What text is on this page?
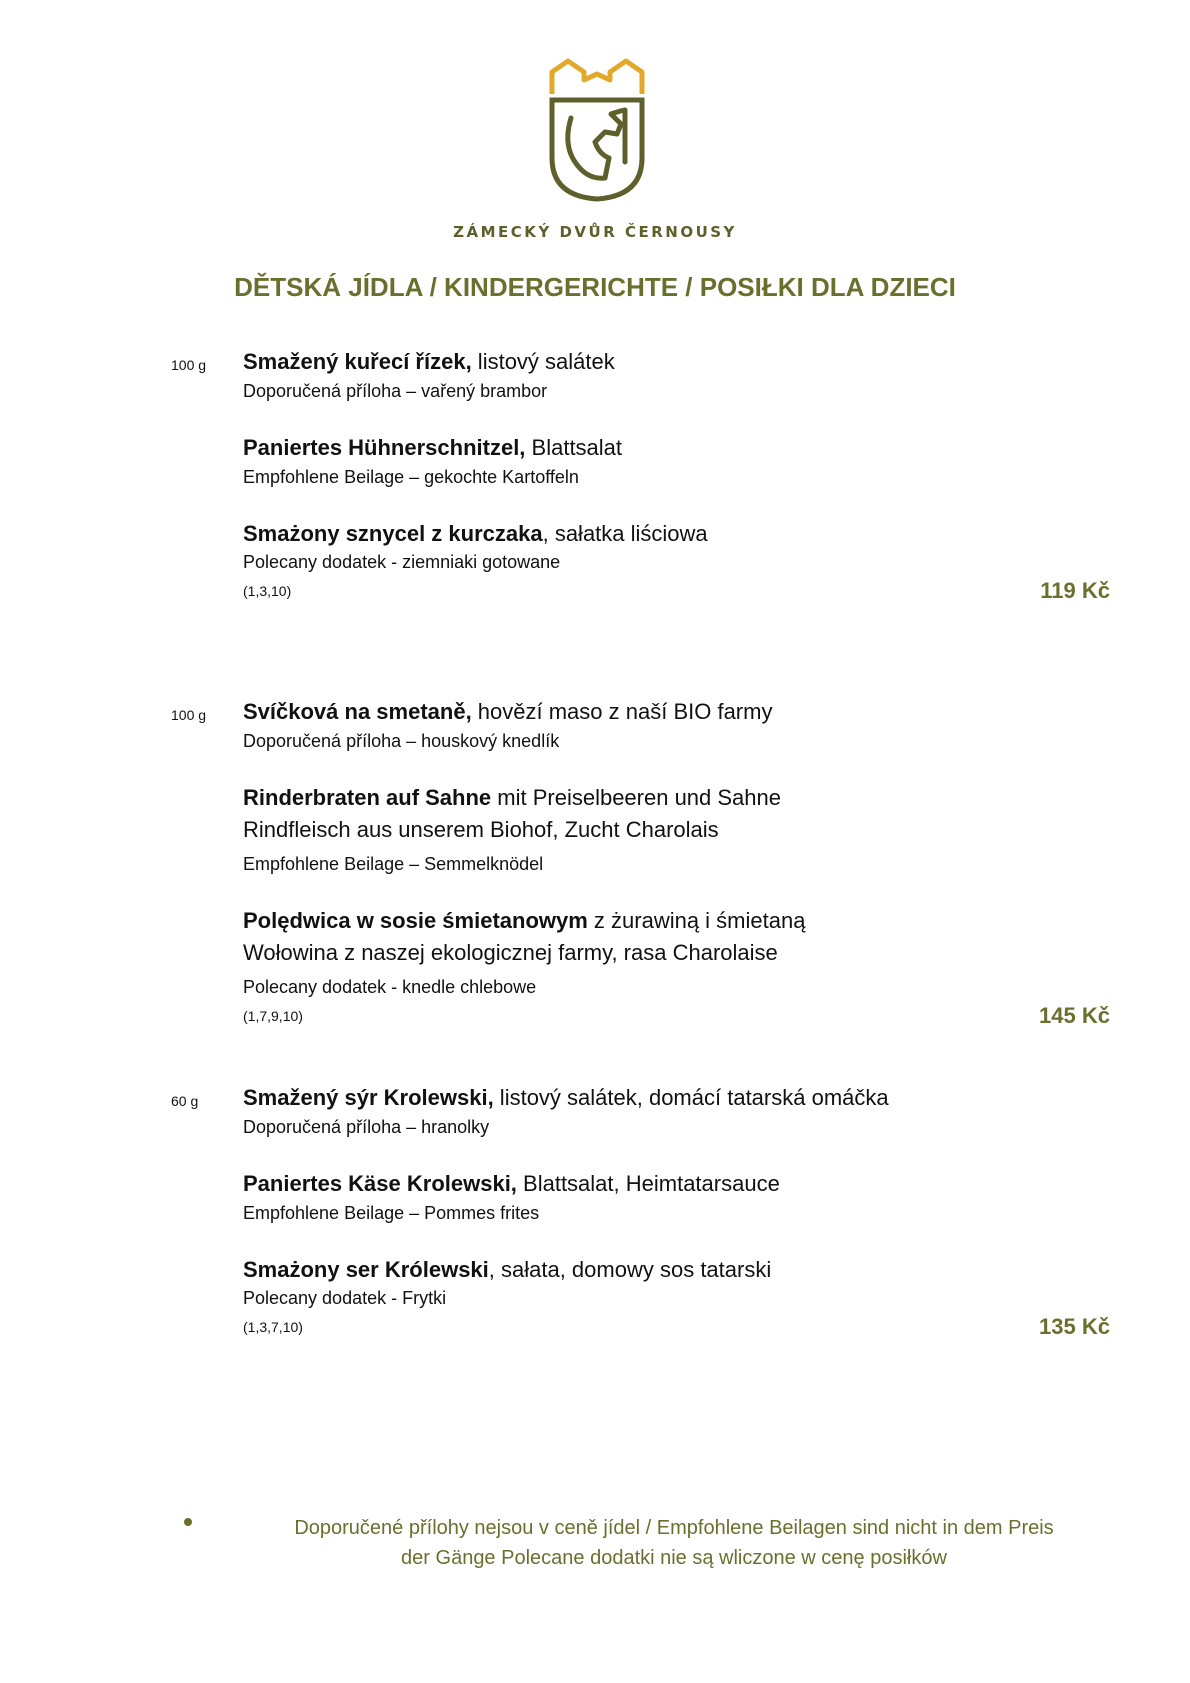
ZÁMECKÝ DVŮR ČERNOUSY
DĚTSKÁ JÍDLA / KINDERGERICHTE / POSIŁKI DLA DZIECI
100 g Smažený kuřecí řízek, listový salátek
Doporučená příloha – vařený brambor
Paniertes Hühnerschnitzel, Blattsalat
Empfohlene Beilage – gekochte Kartoffeln
Smażony sznycel z kurczaka, sałatka liściowa
Polecany dodatek - ziemniaki gotowane
(1,3,10)	119 Kč
100 g Svíčková na smetaně, hovězí maso z naší BIO farmy
Doporučená příloha – houskový knedlík
Rinderbraten auf Sahne mit Preiselbeeren und Sahne
Rindfleisch aus unserem Biohof, Zucht Charolais
Empfohlene Beilage – Semmelknödel
Polędwica w sosie śmietanowym z żurawiną i śmietaną
Wołowina z naszej ekologicznej farmy, rasa Charolaise
Polecany dodatek - knedle chlebowe
(1,7,9,10)	145 Kč
60 g Smažený sýr Krolewski, listový salátek, domácí tatarská omáčka
Doporučená příloha – hranolky
Paniertes Käse Krolewski, Blattsalat, Heimtatarsauce
Empfohlene Beilage – Pommes frites
Smażony ser Królewski, sałata, domowy sos tatarski
Polecany dodatek - Frytki
(1,3,7,10)	135 Kč
Doporučené přílohy nejsou v ceně jídel / Empfohlene Beilagen sind nicht in dem Preis
der Gänge Polecane dodatki nie są wliczone w cenę posiłków
